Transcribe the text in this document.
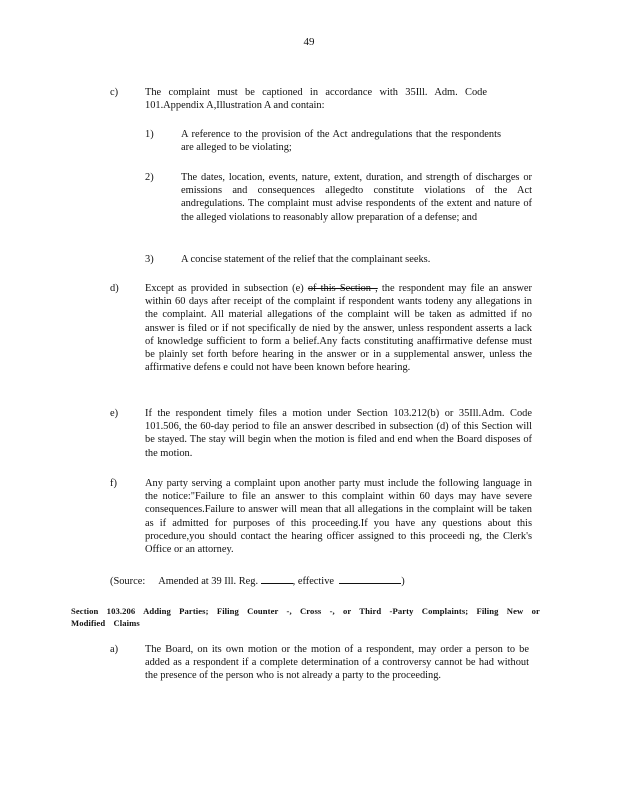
49
c)	The complaint must be captioned in accordance with 35Ill. Adm. Code 101.Appendix A,Illustration A and contain:
1)	A reference to the provision of the Act andregulations that the respondents are alleged to be violating;
2)	The dates, location, events, nature, extent, duration, and strength of discharges or emissions and consequences allegedto constitute violations of the Act andregulations. The complaint must advise respondents of the extent and nature of the alleged violations to reasonably allow preparation of a defense; and
3)	A concise statement of the relief that the complainant seeks.
d)	Except as provided in subsection (e) of this Section , the respondent may file an answer within 60 days after receipt of the complaint if respondent wants todeny any allegations in the complaint. All material allegations of the complaint will be taken as admitted if no answer is filed or if not specifically de nied by the answer, unless respondent asserts a lack of knowledge sufficient to form a belief.Any facts constituting anaffirmative defense must be plainly set forth before hearing in the answer or in a supplemental answer, unless the affirmative defens e could not have been known before hearing.
e)	If the respondent timely files a motion under Section 103.212(b) or 35Ill.Adm. Code 101.506, the 60-day period to file an answer described in subsection (d) of this Section will be stayed. The stay will begin when the motion is filed and end when the Board disposes of the motion.
f)	Any party serving a complaint upon another party must include the following language in the notice:"Failure to file an answer to this complaint within 60 days may have severe consequences.Failure to answer will mean that all allegations in the complaint will be taken as if admitted for purposes of this proceeding.If you have any questions about this procedure,you should contact the hearing officer assigned to this proceedi ng, the Clerk's Office or an attorney.
(Source: Amended at 39 Ill. Reg.	, effective	)
Section 103.206 Adding Parties; Filing Counter -, Cross -, or Third -Party Complaints; Filing New or Modified Claims
a)	The Board, on its own motion or the motion of a respondent, may order a person to be added as a respondent if a complete determination of a controversy cannot be had without the presence of the person who is not already a party to the proceeding.
